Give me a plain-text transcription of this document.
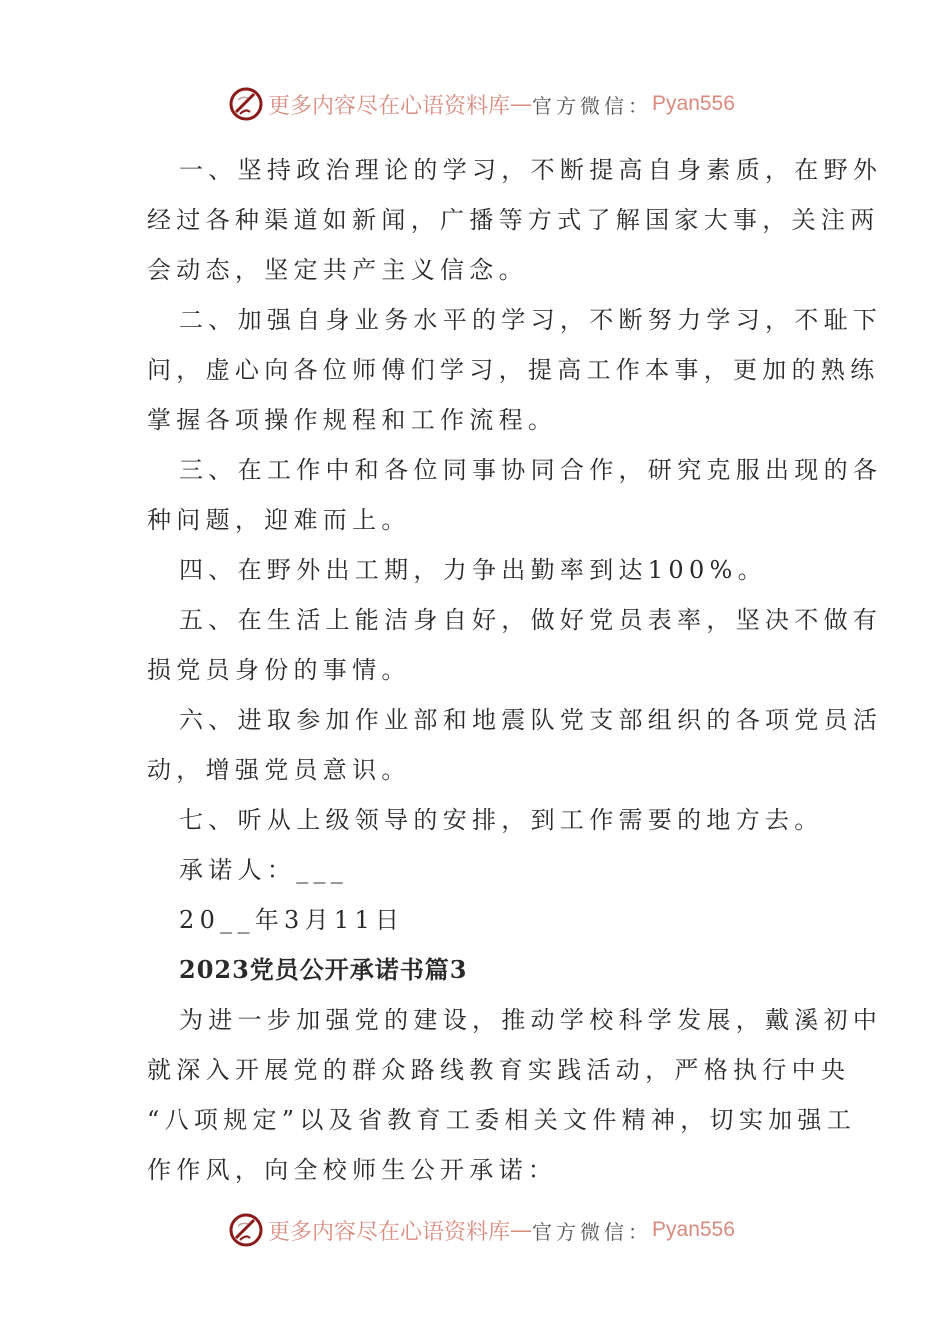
更多内容尽在心语资料库 — 官方微信： Pyan556
一、坚持政治理论的学习，不断提高自身素质，在野外
经过各种渠道如新闻，广播等方式了解国家大事，关注两
会动态，坚定共产主义信念。
二、加强自身业务水平的学习，不断努力学习，不耻下
问，虚心向各位师傅们学习，提高工作本事，更加的熟练
掌握各项操作规程和工作流程。
三、在工作中和各位同事协同合作，研究克服出现的各
种问题，迎难而上。
四、在野外出工期，力争出勤率到达100%。
五、在生活上能洁身自好，做好党员表率，坚决不做有
损党员身份的事情。
六、进取参加作业部和地震队党支部组织的各项党员活
动，增强党员意识。
七、听从上级领导的安排，到工作需要的地方去。
承诺人：___
20__年3月11日
2023党员公开承诺书篇3
为进一步加强党的建设，推动学校科学发展，戴溪初中
就深入开展党的群众路线教育实践活动，严格执行中央
“八项规定”以及省教育工委相关文件精神，切实加强工
作作风，向全校师生公开承诺：
更多内容尽在心语资料库 — 官方微信： Pyan556
